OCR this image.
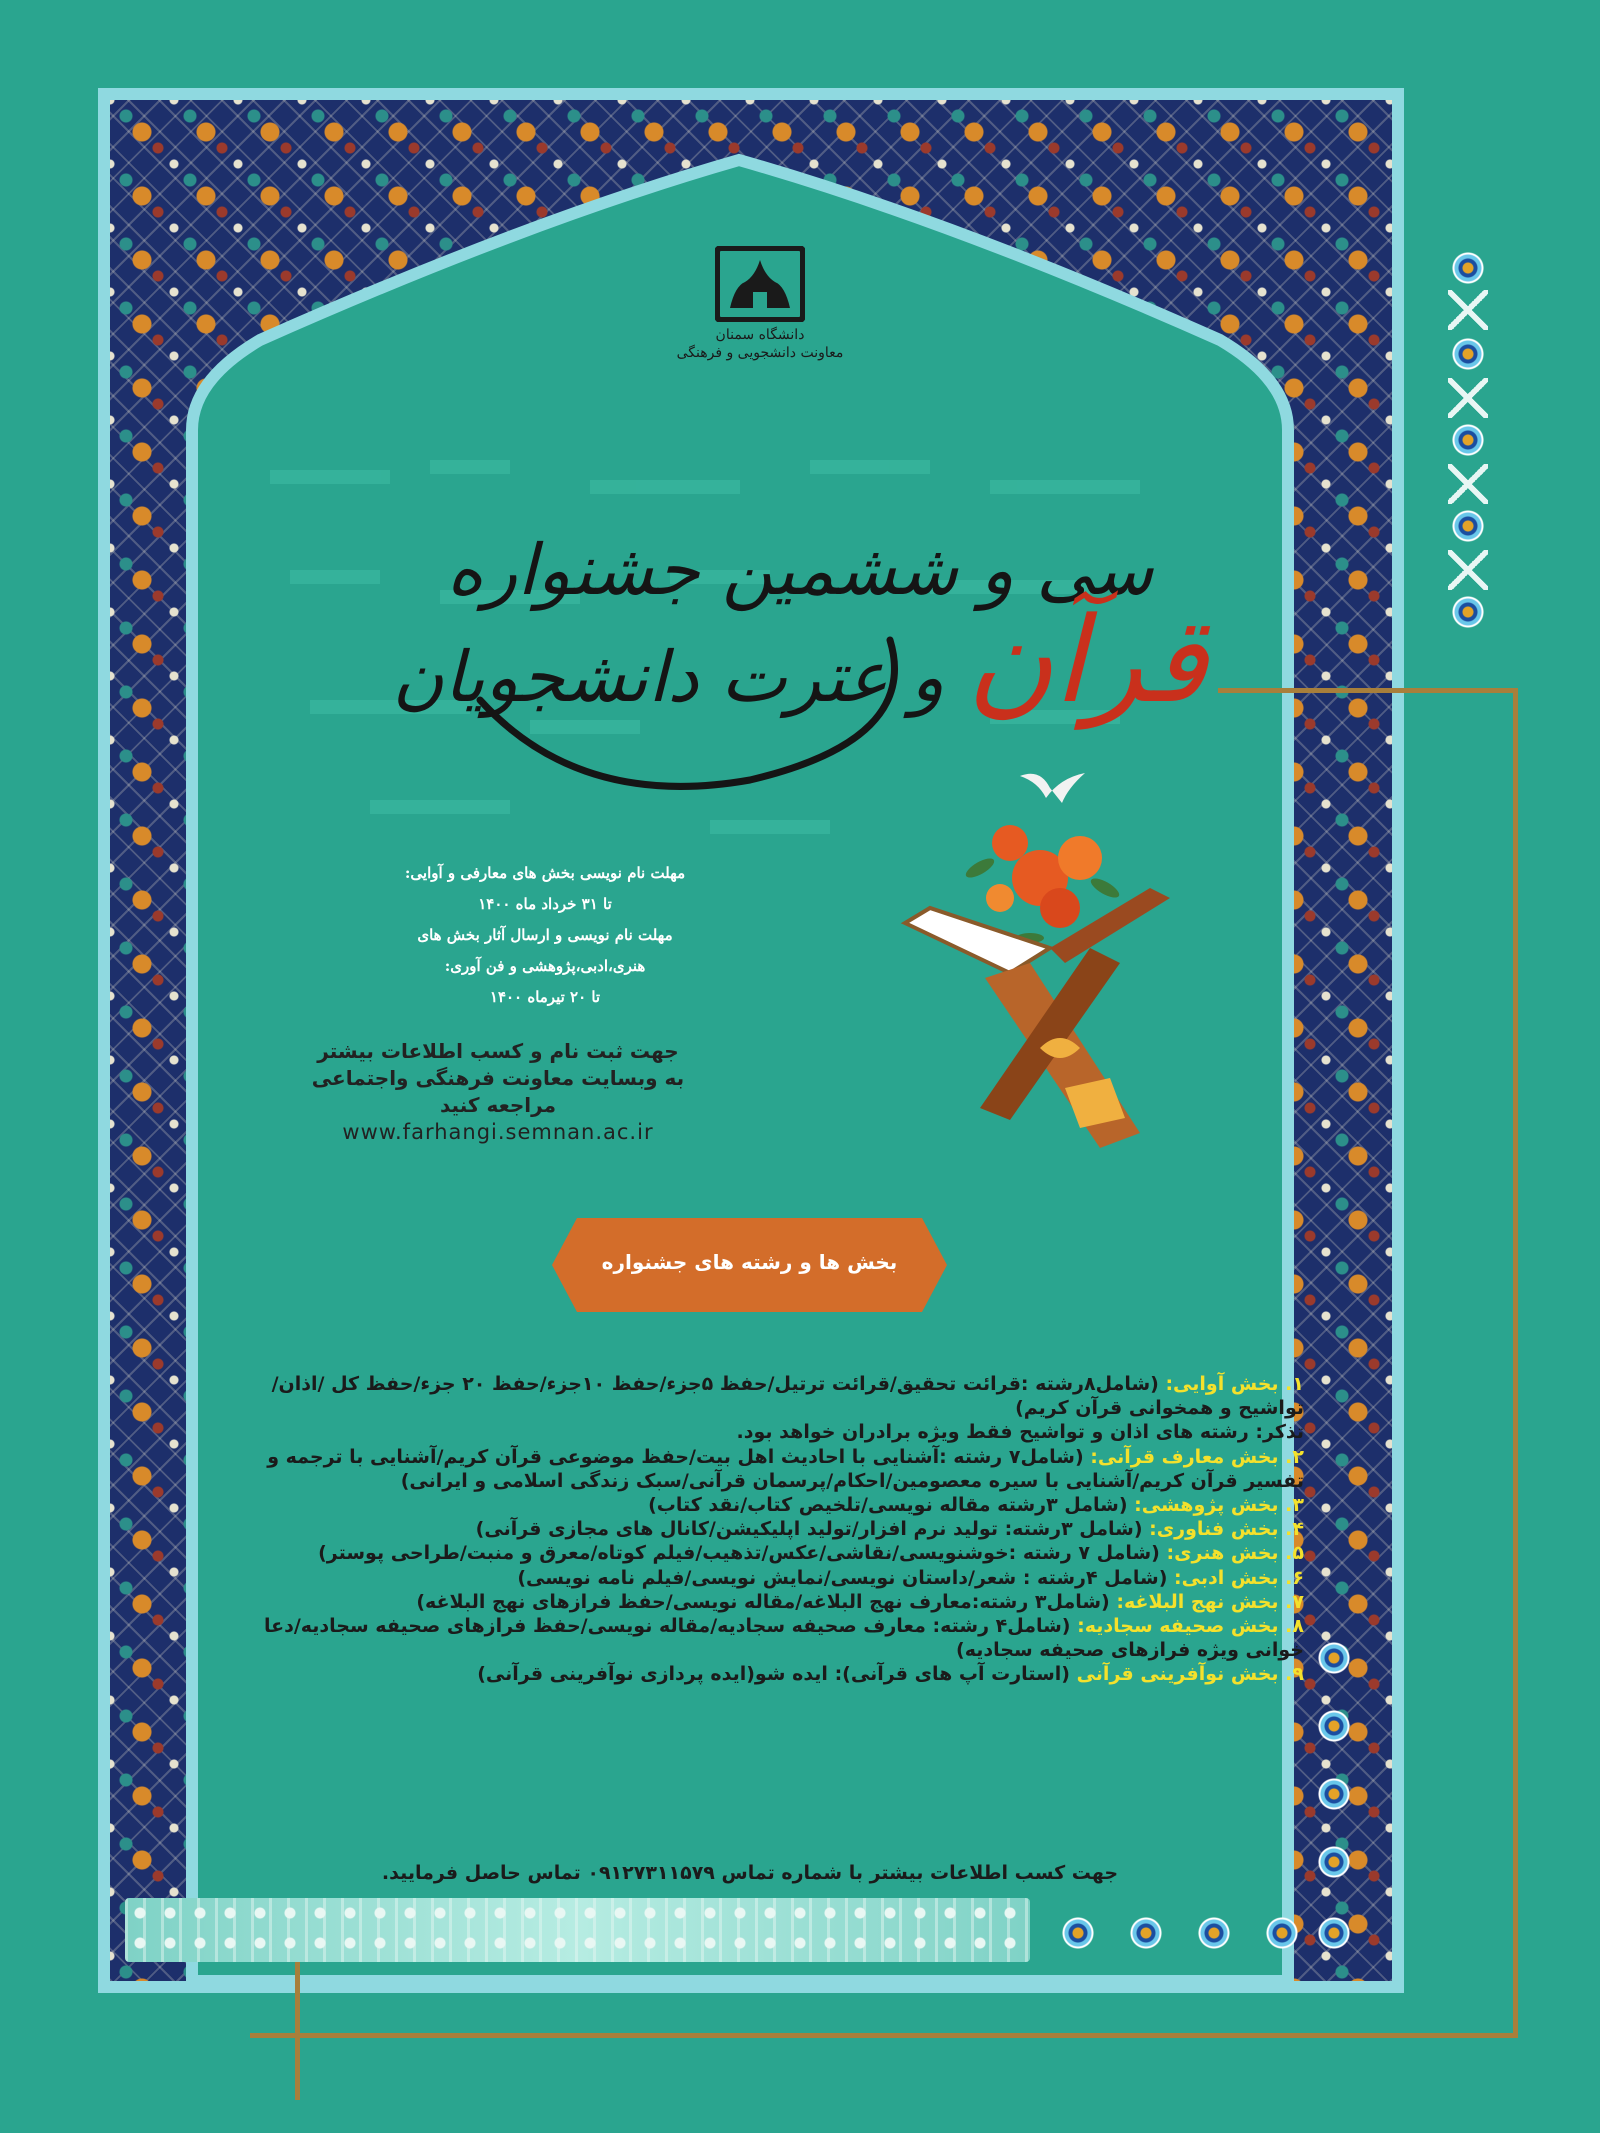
دانشگاه سمنان
معاونت دانشجویی و فرهنگی
سی و ششمین جشنواره قرآن و عترت دانشجویان
مهلت نام نویسی بخش های معارفی و آوایی:
تا ۳۱ خرداد ماه ۱۴۰۰
مهلت نام نویسی و ارسال آثار بخش های هنری،ادبی،پژوهشی و فن آوری:
تا ۲۰ تیرماه ۱۴۰۰
جهت ثبت نام و کسب اطلاعات بیشتر
به وبسایت معاونت فرهنگی واجتماعی
مراجعه کنید
www.farhangi.semnan.ac.ir
بخش ها و رشته های جشنواره

۱. بخش آوایی: (شامل۸رشته :قرائت تحقیق/قرائت ترتیل/حفظ ۵جزء/حفظ ۱۰جزء/حفظ ۲۰ جزء/حفظ کل /اذان/ تواشیح و همخوانی قرآن کریم)

تذکر: رشته های اذان و تواشیح فقط ویژه برادران خواهد بود.

۲. بخش معارف قرآنی: (شامل۷ رشته :آشنایی با احادیث اهل بیت/حفظ موضوعی قرآن کریم/آشنایی با ترجمه و تفسیر قرآن کریم/آشنایی با سیره معصومین/احکام/پرسمان قرآنی/سبک زندگی اسلامی و ایرانی)

۳. بخش پژوهشی: (شامل ۳رشته مقاله نویسی/تلخیص کتاب/نقد کتاب)

۴. بخش فناوری: (شامل ۳رشته: تولید نرم افزار/تولید اپلیکیشن/کانال های مجازی قرآنی)

۵. بخش هنری: (شامل ۷ رشته :خوشنویسی/نقاشی/عکس/تذهیب/فیلم کوتاه/معرق و منبت/طراحی پوستر)

۶. بخش ادبی: (شامل ۴رشته : شعر/داستان نویسی/نمایش نویسی/فیلم نامه نویسی)

۷. بخش نهج البلاغه: (شامل۳ رشته:معارف نهج البلاغه/مقاله نویسی/حفظ فرازهای نهج البلاغه)

۸. بخش صحیفه سجادیه: (شامل۴ رشته: معارف صحیفه سجادیه/مقاله نویسی/حفظ فرازهای صحیفه سجادیه/دعا خوانی ویژه فرازهای صحیفه سجادیه)

۹. بخش نوآفرینی قرآنی (استارت آپ های قرآنی): ایده شو(ایده پردازی نوآفرینی قرآنی)

جهت کسب اطلاعات بیشتر با شماره تماس ۰۹۱۲۷۳۱۱۵۷۹ تماس حاصل فرمایید.
